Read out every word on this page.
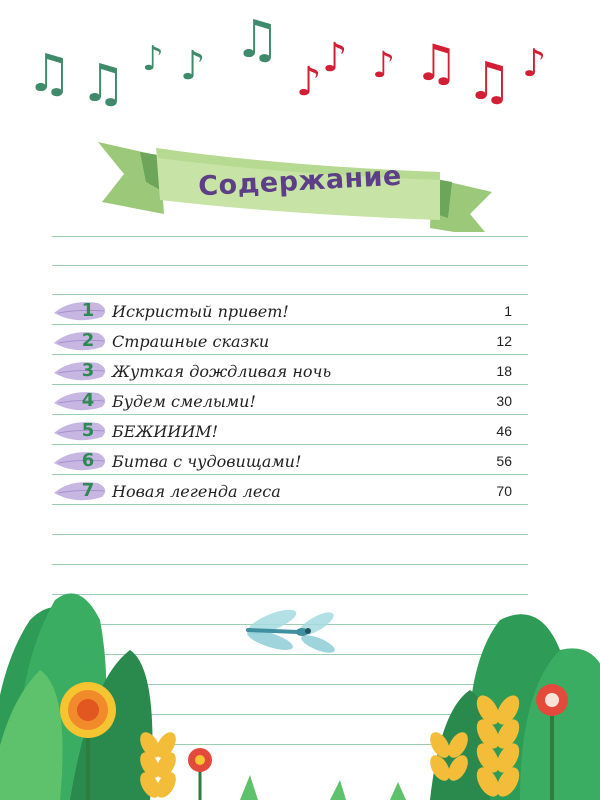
♫ ♫ ♪ ♪ ♫
♪
♪ ♪ ♫ ♫ ♪
Содержание
1 Искристый привет!	1
2 Страшные сказки	12
3 Жуткая дождливая ночь	18
4 Будем смелыми!	30
5 БЕЖИИИМ!	46
6 Битва с чудовищами!	56
7 Новая легенда леса	70
